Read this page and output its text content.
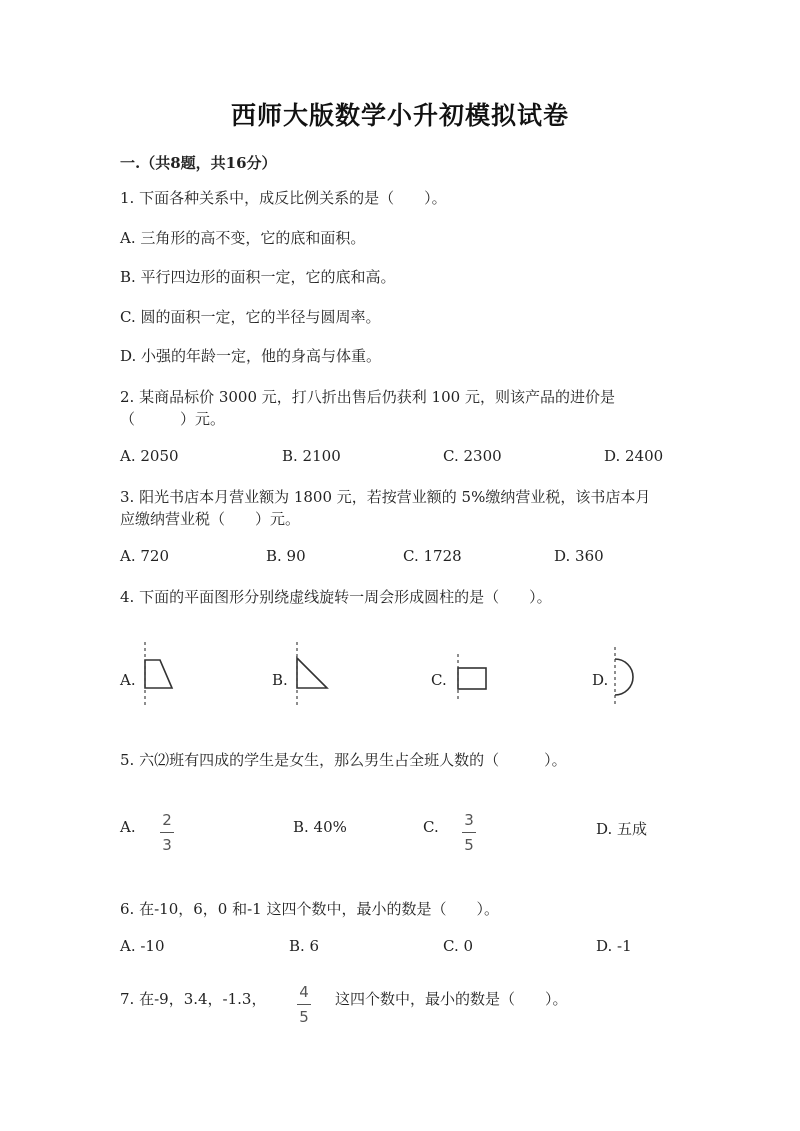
西师大版数学小升初模拟试卷
一.（共8题，共16分）
1. 下面各种关系中，成反比例关系的是（　　）。
A. 三角形的高不变，它的底和面积。
B. 平行四边形的面积一定，它的底和高。
C. 圆的面积一定，它的半径与圆周率。
D. 小强的年龄一定，他的身高与体重。
2. 某商品标价 3000 元，打八折出售后仍获利 100 元，则该产品的进价是
（　　　）元。
A. 2050	B. 2100	C. 2300	D. 2400
3. 阳光书店本月营业额为 1800 元，若按营业额的 5%缴纳营业税，该书店本月
应缴纳营业税（　　）元。
A. 720	B. 90	C. 1728	D. 360
4. 下面的平面图形分别绕虚线旋转一周会形成圆柱的是（　　）。
A.	B.	C.	D.
5. 六⑵班有四成的学生是女生，那么男生占全班人数的（　　　）。
A. 2
3
B. 40%	C. 3
5
D. 五成
6. 在-10，6，0 和-1 这四个数中，最小的数是（　　）。
A. -10	B. 6	C. 0	D. -1
7. 在-9，3.4，-1.3， 4
5
这四个数中，最小的数是（　　）。
